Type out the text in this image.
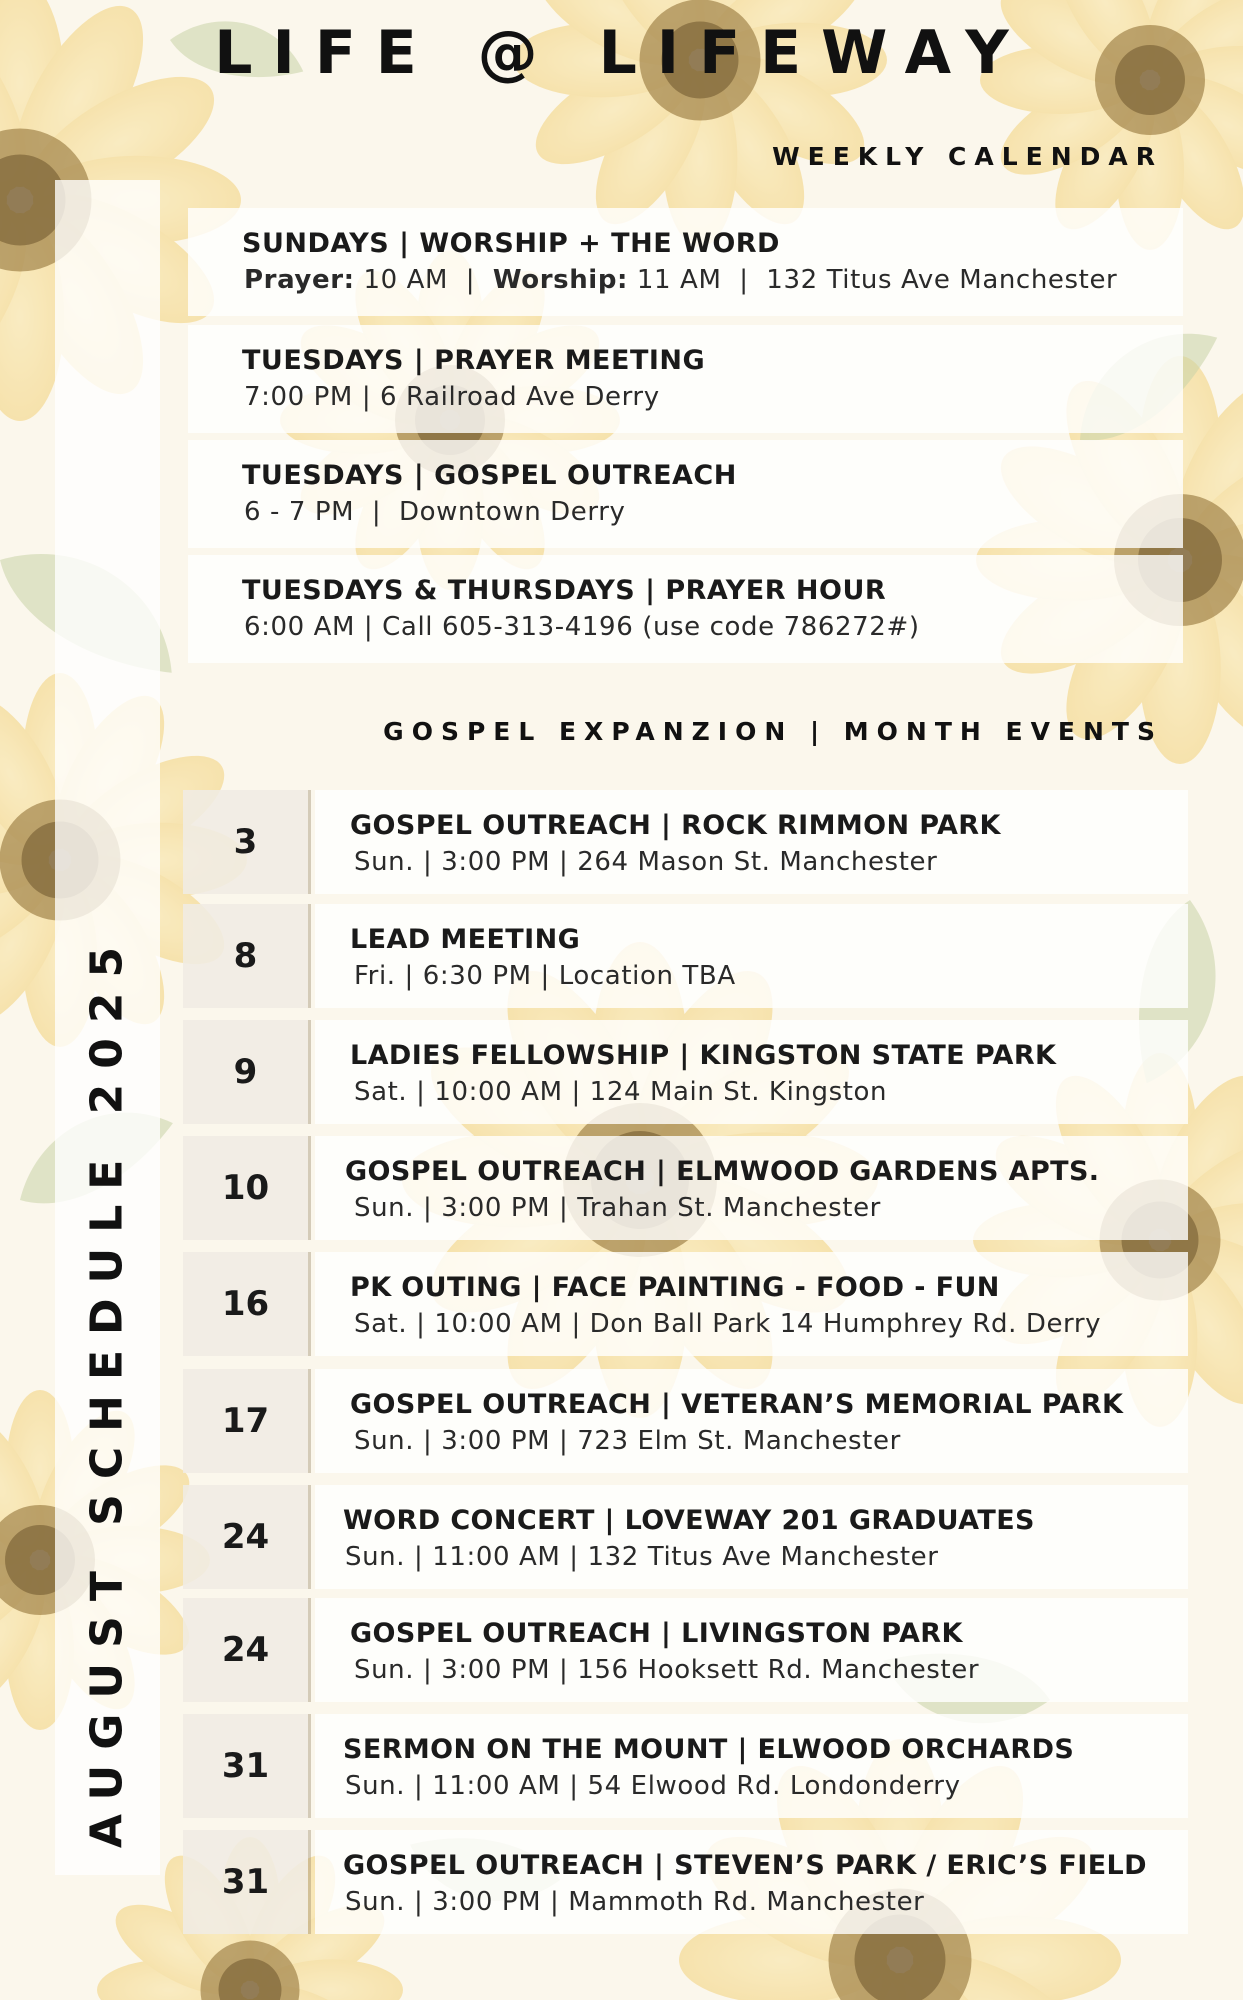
LIFE @ LIFEWAY
WEEKLY CALENDAR
AUGUST SCHEDULE 2025
SUNDAYS | WORSHIP + THE WORD
Prayer: 10 AM  |  Worship: 11 AM  |  132 Titus Ave Manchester
TUESDAYS | PRAYER MEETING
7:00 PM | 6 Railroad Ave Derry
TUESDAYS | GOSPEL OUTREACH
6 - 7 PM  |  Downtown Derry
TUESDAYS & THURSDAYS | PRAYER HOUR
6:00 AM | Call 605-313-4196 (use code 786272#)
GOSPEL EXPANZION | MONTH EVENTS
3	GOSPEL OUTREACH | ROCK RIMMON PARK
Sun. | 3:00 PM | 264 Mason St. Manchester
8	LEAD MEETING
Fri. | 6:30 PM | Location TBA
9	LADIES FELLOWSHIP | KINGSTON STATE PARK
Sat. | 10:00 AM | 124 Main St. Kingston
10	GOSPEL OUTREACH | ELMWOOD GARDENS APTS.
Sun. | 3:00 PM | Trahan St. Manchester
16	PK OUTING | FACE PAINTING - FOOD - FUN
Sat. | 10:00 AM | Don Ball Park 14 Humphrey Rd. Derry
17	GOSPEL OUTREACH | VETERAN’S MEMORIAL PARK
Sun. | 3:00 PM | 723 Elm St. Manchester
24	WORD CONCERT | LOVEWAY 201 GRADUATES
Sun. | 11:00 AM | 132 Titus Ave Manchester
24	GOSPEL OUTREACH | LIVINGSTON PARK
Sun. | 3:00 PM | 156 Hooksett Rd. Manchester
31	SERMON ON THE MOUNT | ELWOOD ORCHARDS
Sun. | 11:00 AM | 54 Elwood Rd. Londonderry
31	GOSPEL OUTREACH | STEVEN’S PARK / ERIC’S FIELD
Sun. | 3:00 PM | Mammoth Rd. Manchester
